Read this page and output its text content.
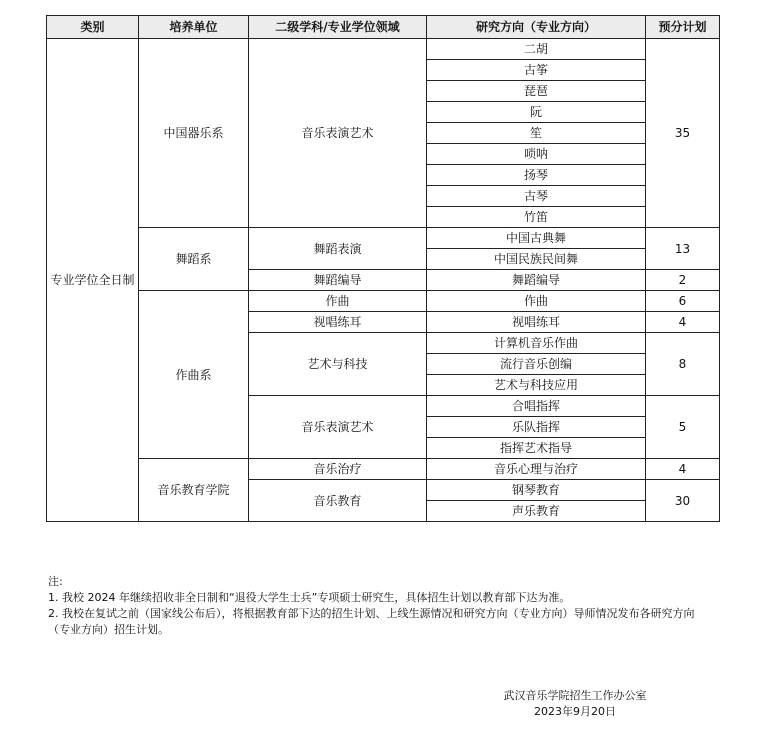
类别	培养单位	二级学科/专业学位领域	研究方向（专业方向）	预分计划
专业学位全日制	中国器乐系	音乐表演艺术	二胡	35
			古筝	
			琵琶	
			阮	
			笙	
			唢呐	
			扬琴	
			古琴	
			竹笛	
	舞蹈系	舞蹈表演	中国古典舞	13
			中国民族民间舞	
		舞蹈编导	舞蹈编导	2
	作曲系	作曲	作曲	6
		视唱练耳	视唱练耳	4
		艺术与科技	计算机音乐作曲	8
			流行音乐创编	
			艺术与科技应用	
		音乐表演艺术	合唱指挥	5
			乐队指挥	
			指挥艺术指导	
	音乐教育学院	音乐治疗	音乐心理与治疗	4
		音乐教育	钢琴教育	30
			声乐教育	
注:
1. 我校 2024 年继续招收非全日制和“退役大学生士兵”专项硕士研究生，具体招生计划以教育部下达为准。
2. 我校在复试之前（国家线公布后），将根据教育部下达的招生计划、上线生源情况和研究方向（专业方向）导师情况发布各研究方向（专业方向）招生计划。
武汉音乐学院招生工作办公室
2023年9月20日
